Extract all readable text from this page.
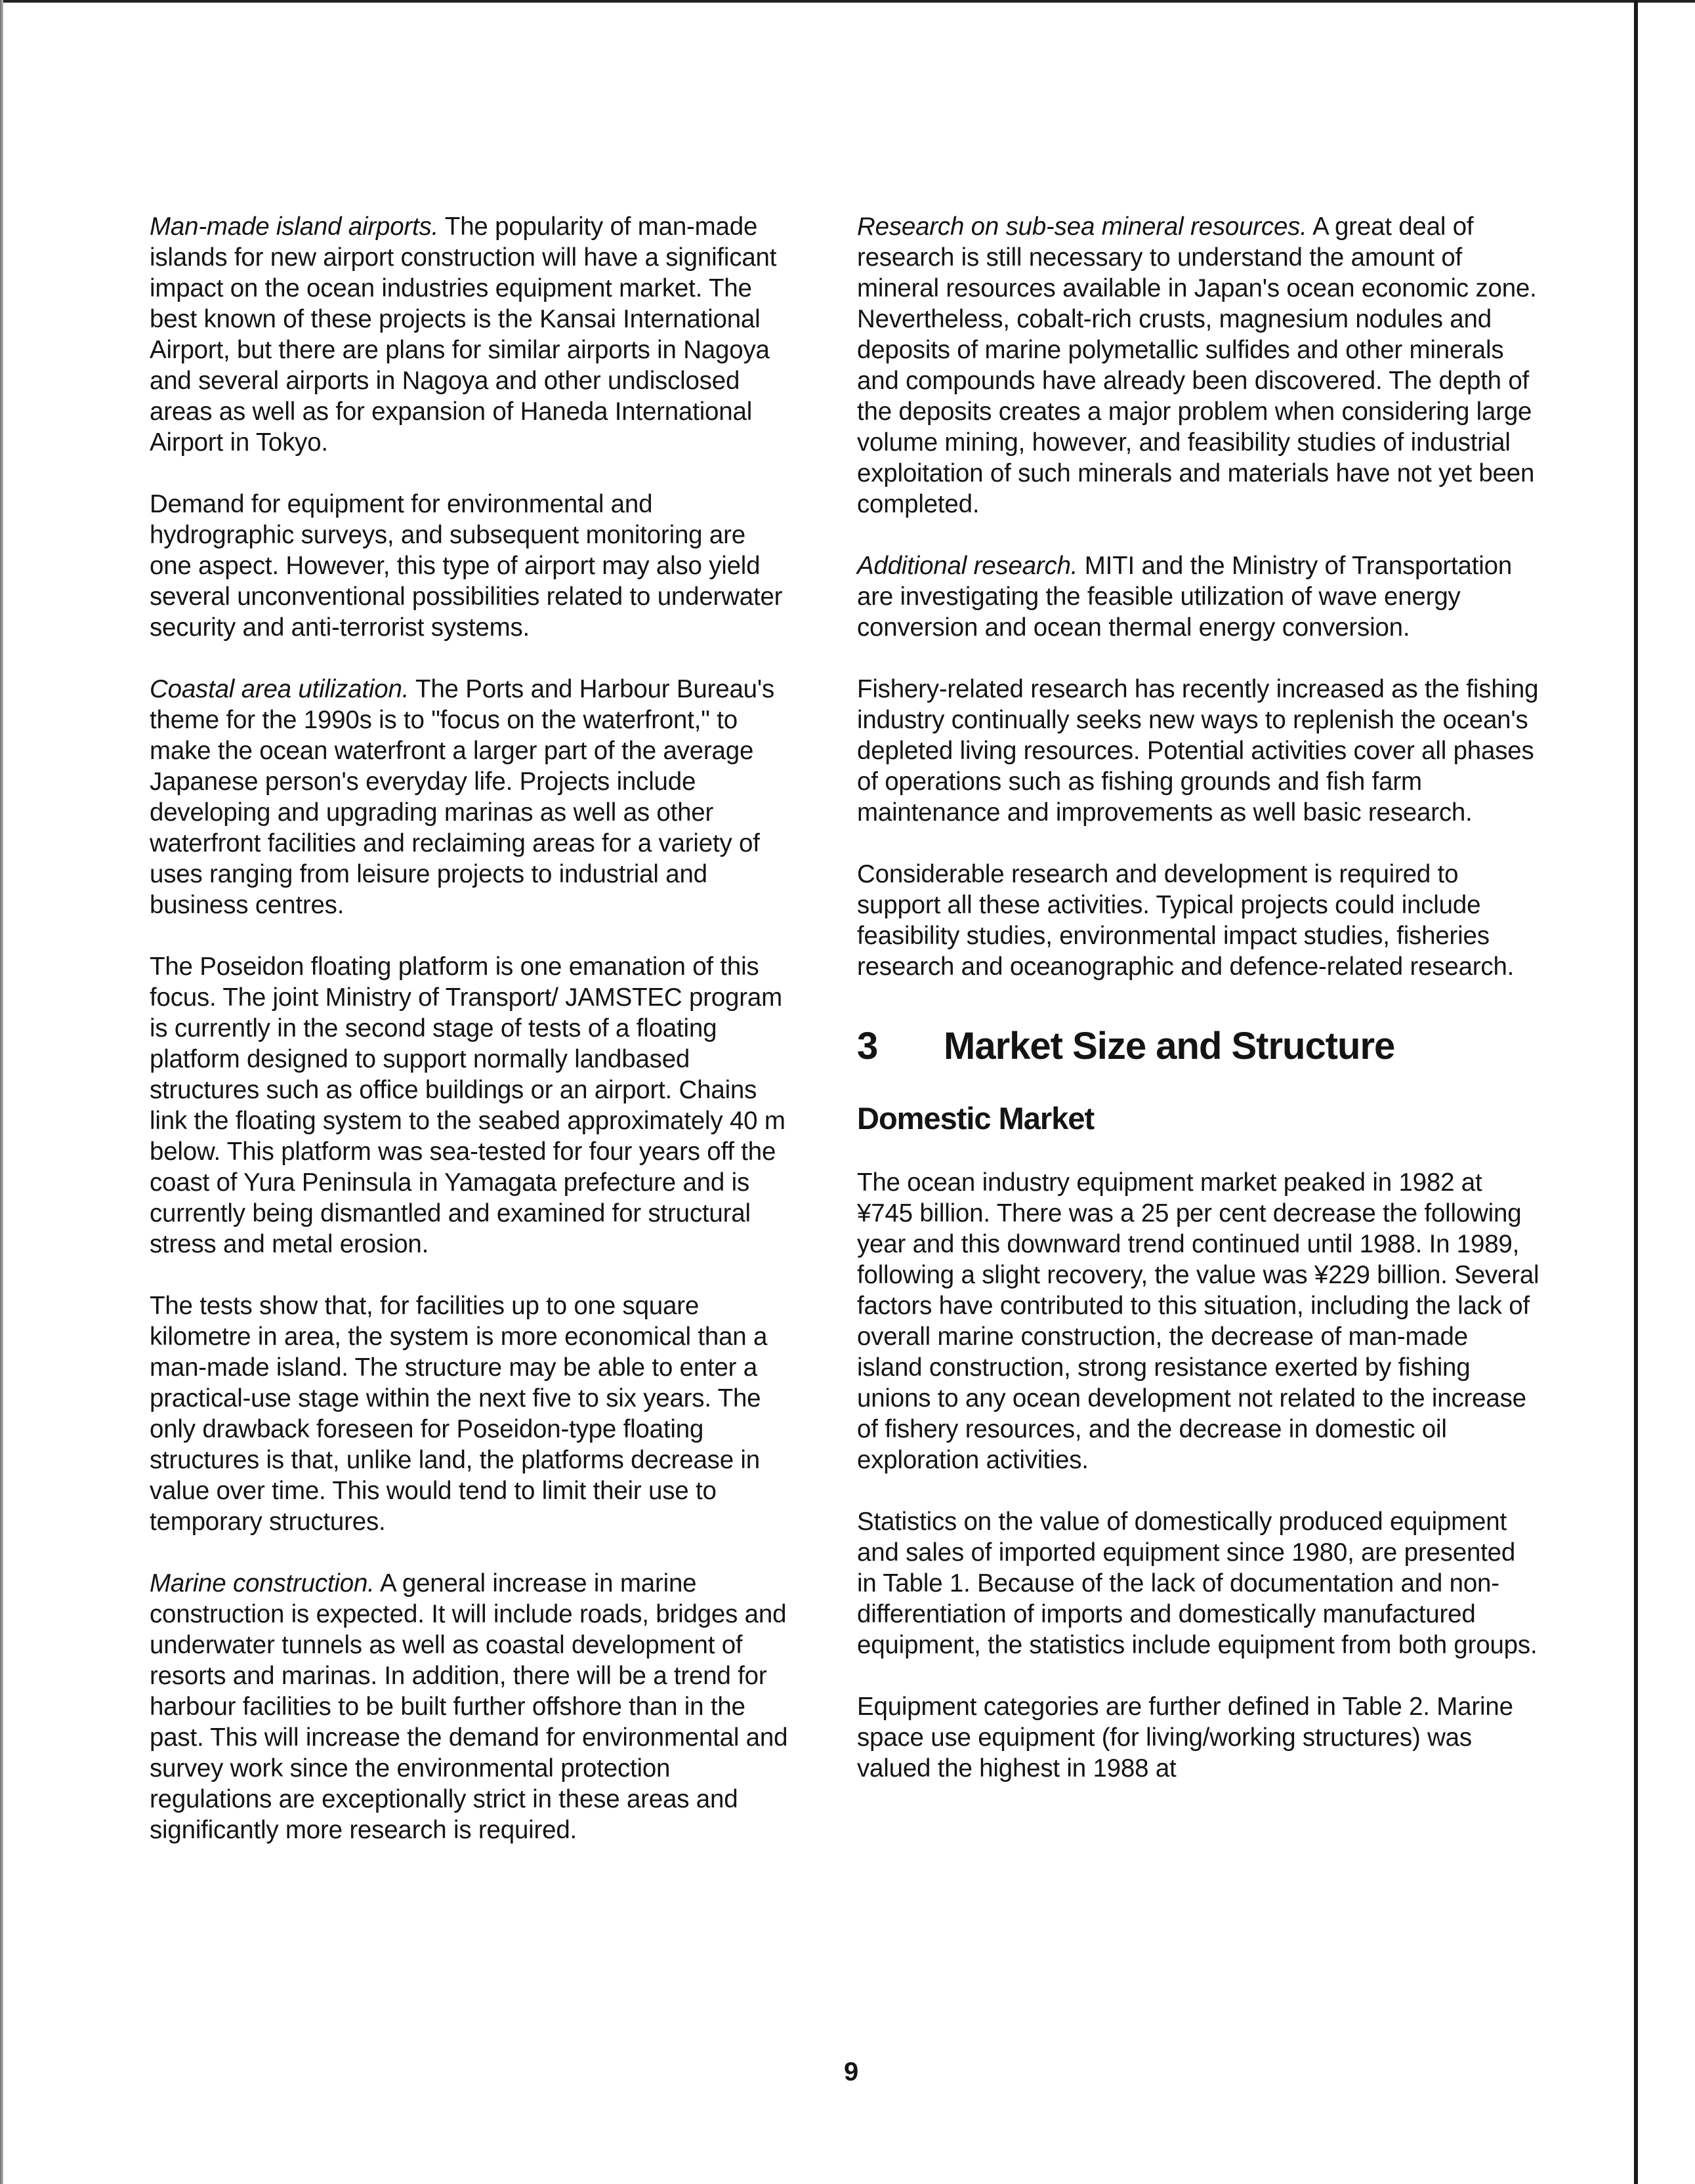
Man-made island airports. The popularity of man-made islands for new airport construction will have a significant impact on the ocean industries equipment market. The best known of these projects is the Kansai International Airport, but there are plans for similar airports in Nagoya and several airports in Nagoya and other undisclosed areas as well as for expansion of Haneda International Airport in Tokyo.

Demand for equipment for environmental and hydrographic surveys, and subsequent monitoring are one aspect. However, this type of airport may also yield several unconventional possibilities related to underwater security and anti-terrorist systems.

Coastal area utilization. The Ports and Harbour Bureau's theme for the 1990s is to "focus on the waterfront," to make the ocean waterfront a larger part of the average Japanese person's everyday life. Projects include developing and upgrading marinas as well as other waterfront facilities and reclaiming areas for a variety of uses ranging from leisure projects to industrial and business centres.

The Poseidon floating platform is one emanation of this focus. The joint Ministry of Transport/ JAMSTEC program is currently in the second stage of tests of a floating platform designed to support normally landbased structures such as office buildings or an airport. Chains link the floating system to the seabed approximately 40 m below. This platform was sea-tested for four years off the coast of Yura Peninsula in Yamagata prefecture and is currently being dismantled and examined for structural stress and metal erosion.

The tests show that, for facilities up to one square kilometre in area, the system is more economical than a man-made island. The structure may be able to enter a practical-use stage within the next five to six years. The only drawback foreseen for Poseidon-type floating structures is that, unlike land, the platforms decrease in value over time. This would tend to limit their use to temporary structures.

Marine construction. A general increase in marine construction is expected. It will include roads, bridges and underwater tunnels as well as coastal development of resorts and marinas. In addition, there will be a trend for harbour facilities to be built further offshore than in the past. This will increase the demand for environmental and survey work since the environmental protection regulations are exceptionally strict in these areas and significantly more research is required.

Research on sub-sea mineral resources. A great deal of research is still necessary to understand the amount of mineral resources available in Japan's ocean economic zone. Nevertheless, cobalt-rich crusts, magnesium nodules and deposits of marine polymetallic sulfides and other minerals and compounds have already been discovered. The depth of the deposits creates a major problem when considering large volume mining, however, and feasibility studies of industrial exploitation of such minerals and materials have not yet been completed.

Additional research. MITI and the Ministry of Transportation are investigating the feasible utilization of wave energy conversion and ocean thermal energy conversion.

Fishery-related research has recently increased as the fishing industry continually seeks new ways to replenish the ocean's depleted living resources. Potential activities cover all phases of operations such as fishing grounds and fish farm maintenance and improvements as well basic research.

Considerable research and development is required to support all these activities. Typical projects could include feasibility studies, environmental impact studies, fisheries research and oceanographic and defence-related research.

3 Market Size and Structure
Domestic Market

The ocean industry equipment market peaked in 1982 at ¥745 billion. There was a 25 per cent decrease the following year and this downward trend continued until 1988. In 1989, following a slight recovery, the value was ¥229 billion. Several factors have contributed to this situation, including the lack of overall marine construction, the decrease of man-made island construction, strong resistance exerted by fishing unions to any ocean development not related to the increase of fishery resources, and the decrease in domestic oil exploration activities.

Statistics on the value of domestically produced equipment and sales of imported equipment since 1980, are presented in Table 1. Because of the lack of documentation and non-differentiation of imports and domestically manufactured equipment, the statistics include equipment from both groups.

Equipment categories are further defined in Table 2. Marine space use equipment (for living/working structures) was valued the highest in 1988 at

9
